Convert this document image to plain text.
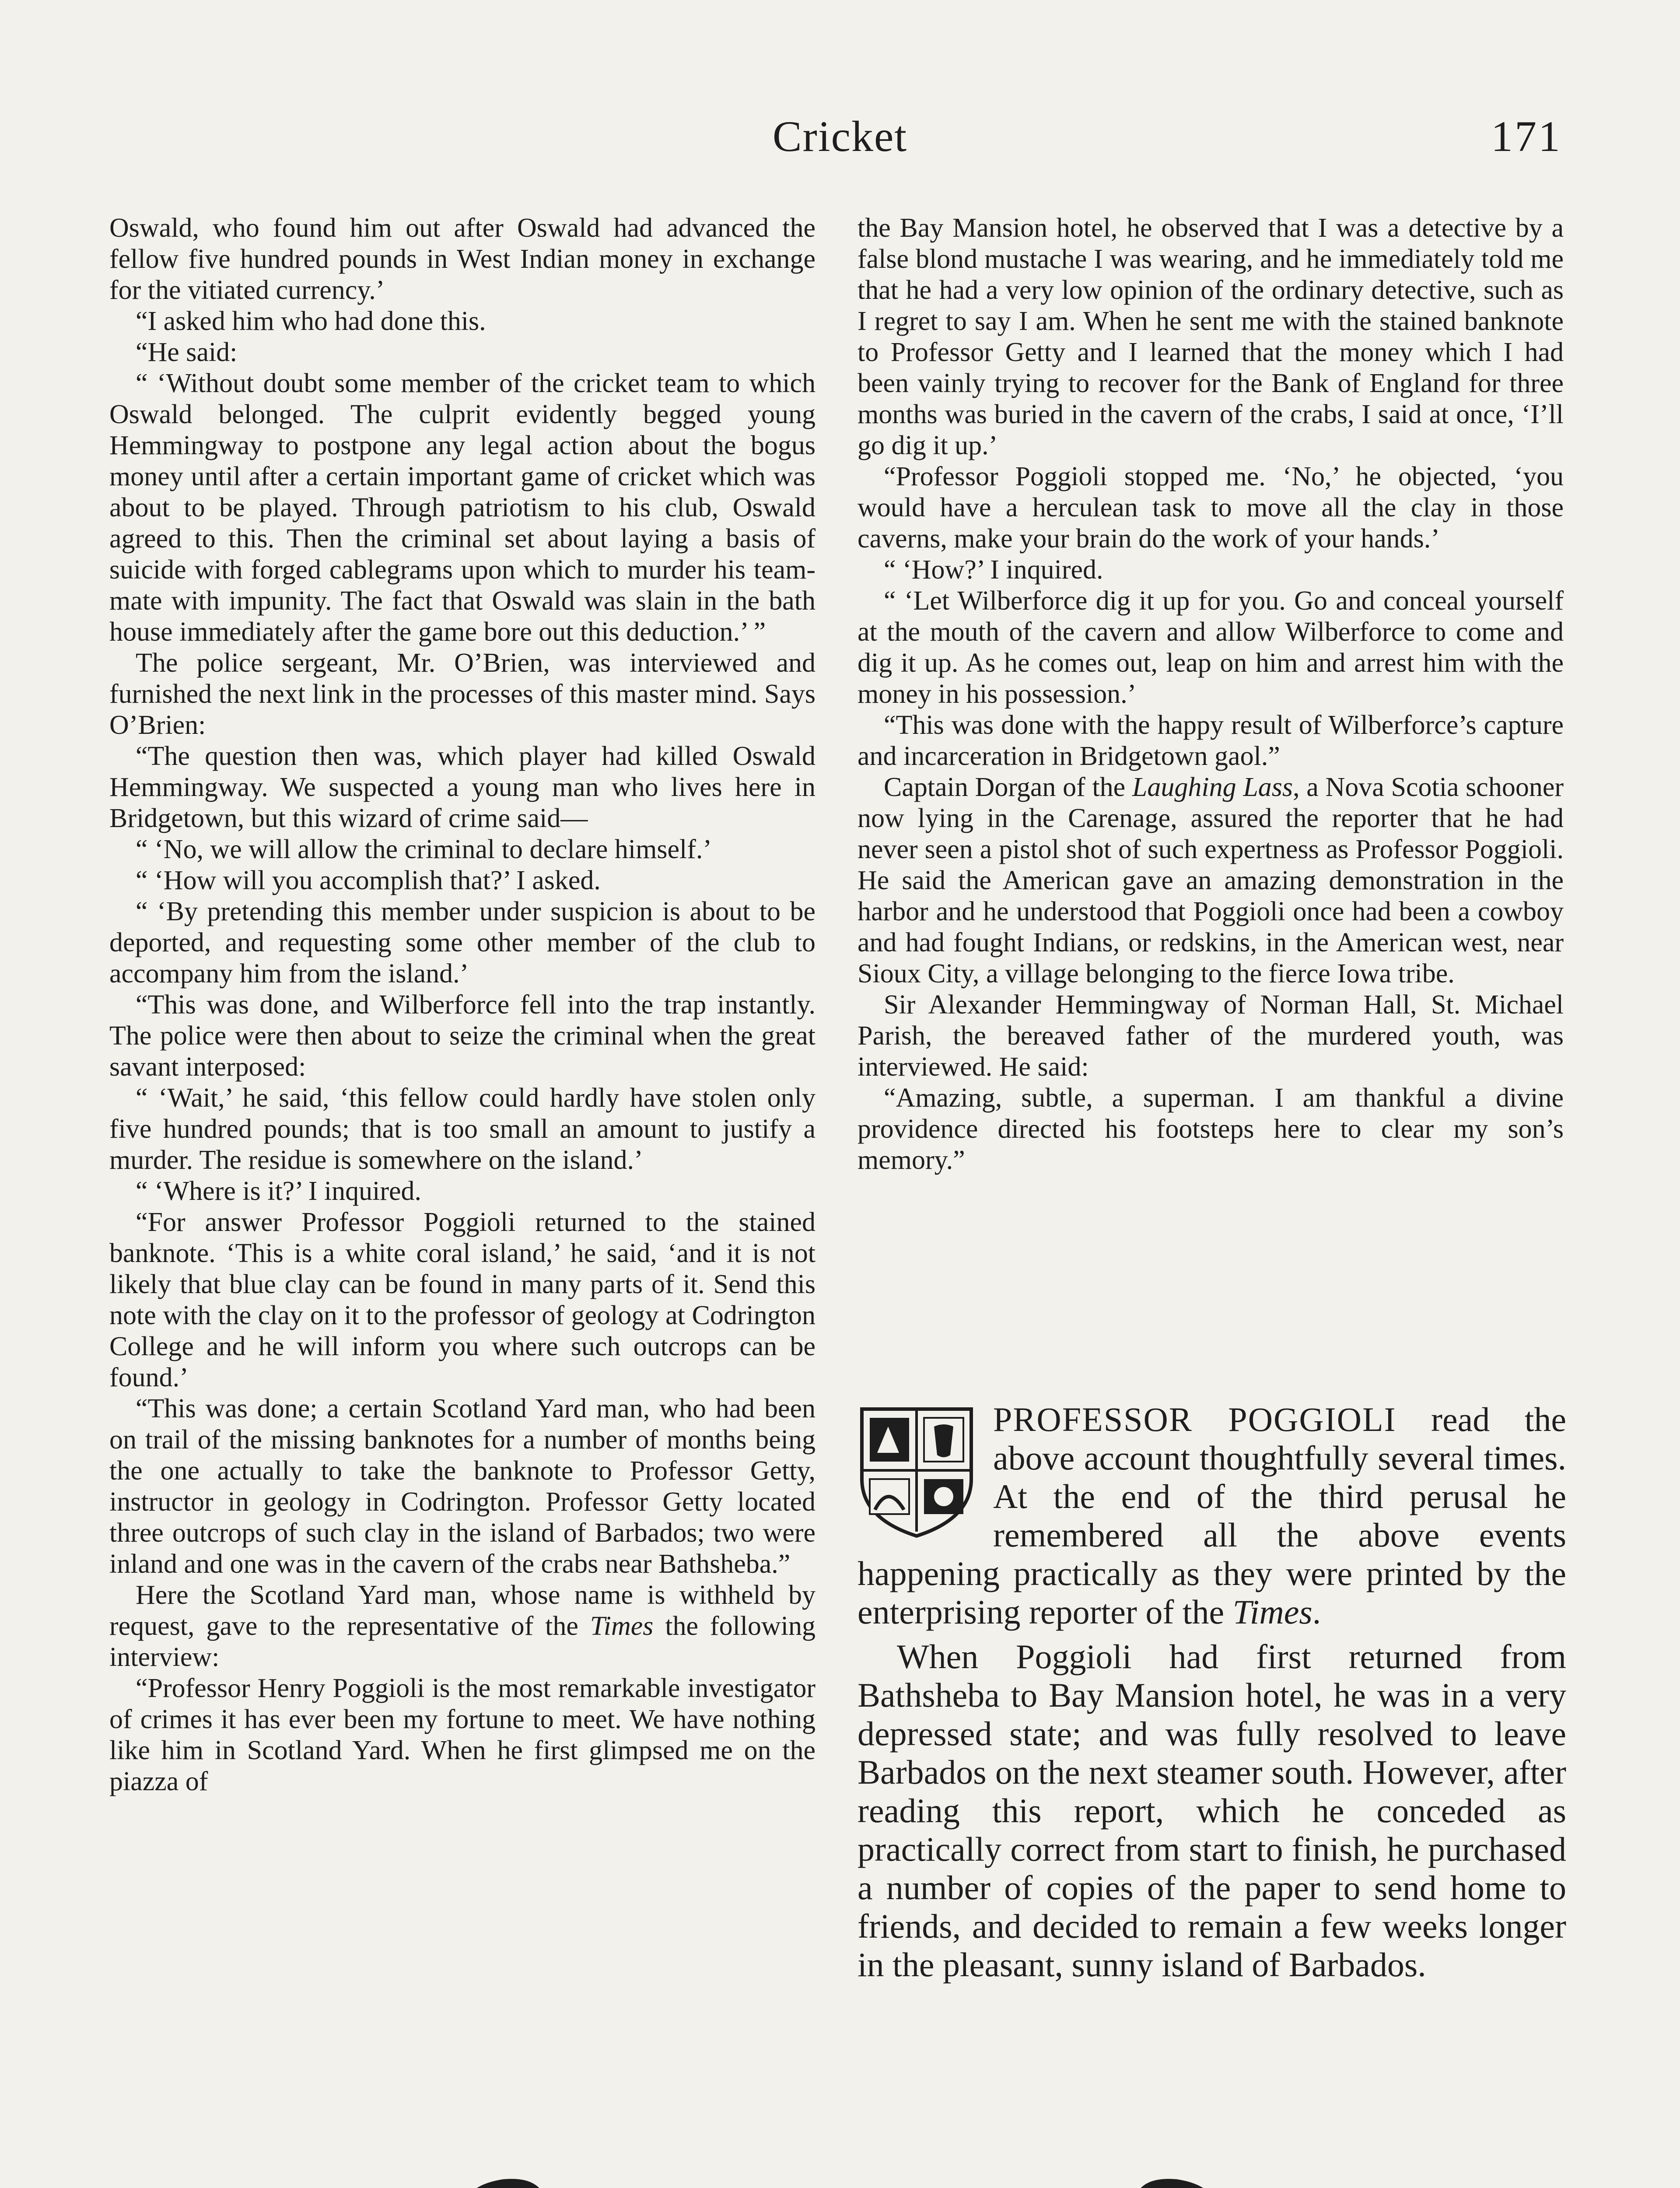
Cricket	171

Oswald, who found him out after Oswald had advanced the fellow five hundred pounds in West Indian money in exchange for the vitiated currency.’

“I asked him who had done this.

“He said:

“ ‘Without doubt some member of the cricket team to which Oswald belonged. The culprit evidently begged young Hemmingway to postpone any legal action about the bogus money until after a certain important game of cricket which was about to be played. Through patriotism to his club, Oswald agreed to this. Then the criminal set about laying a basis of suicide with forged cablegrams upon which to murder his team-mate with impunity. The fact that Oswald was slain in the bath house immediately after the game bore out this deduction.’ ”

The police sergeant, Mr. O’Brien, was interviewed and furnished the next link in the processes of this master mind. Says O’Brien:

“The question then was, which player had killed Oswald Hemmingway. We suspected a young man who lives here in Bridgetown, but this wizard of crime said—

“ ‘No, we will allow the criminal to declare himself.’

“ ‘How will you accomplish that?’ I asked.

“ ‘By pretending this member under suspicion is about to be deported, and requesting some other member of the club to accompany him from the island.’

“This was done, and Wilberforce fell into the trap instantly. The police were then about to seize the criminal when the great savant interposed:

“ ‘Wait,’ he said, ‘this fellow could hardly have stolen only five hundred pounds; that is too small an amount to justify a murder. The residue is somewhere on the island.’

“ ‘Where is it?’ I inquired.

“For answer Professor Poggioli returned to the stained banknote. ‘This is a white coral island,’ he said, ‘and it is not likely that blue clay can be found in many parts of it. Send this note with the clay on it to the professor of geology at Codrington College and he will inform you where such outcrops can be found.’

“This was done; a certain Scotland Yard man, who had been on trail of the missing banknotes for a number of months being the one actually to take the banknote to Professor Getty, instructor in geology in Codrington. Professor Getty located three outcrops of such clay in the island of Barbados; two were inland and one was in the cavern of the crabs near Bathsheba.”

Here the Scotland Yard man, whose name is withheld by request, gave to the representative of the Times the following interview:

“Professor Henry Poggioli is the most remarkable investigator of crimes it has ever been my fortune to meet. We have nothing like him in Scotland Yard. When he first glimpsed me on the piazza of

the Bay Mansion hotel, he observed that I was a detective by a false blond mustache I was wearing, and he immediately told me that he had a very low opinion of the ordinary detective, such as I regret to say I am. When he sent me with the stained banknote to Professor Getty and I learned that the money which I had been vainly trying to recover for the Bank of England for three months was buried in the cavern of the crabs, I said at once, ‘I’ll go dig it up.’

“Professor Poggioli stopped me. ‘No,’ he objected, ‘you would have a herculean task to move all the clay in those caverns, make your brain do the work of your hands.’

“ ‘How?’ I inquired.

“ ‘Let Wilberforce dig it up for you. Go and conceal yourself at the mouth of the cavern and allow Wilberforce to come and dig it up. As he comes out, leap on him and arrest him with the money in his possession.’

“This was done with the happy result of Wilberforce’s capture and incarceration in Bridgetown gaol.”

Captain Dorgan of the Laughing Lass, a Nova Scotia schooner now lying in the Carenage, assured the reporter that he had never seen a pistol shot of such expertness as Professor Poggioli. He said the American gave an amazing demonstration in the harbor and he understood that Poggioli once had been a cowboy and had fought Indians, or redskins, in the American west, near Sioux City, a village belonging to the fierce Iowa tribe.

Sir Alexander Hemmingway of Norman Hall, St. Michael Parish, the bereaved father of the murdered youth, was interviewed. He said:

“Amazing, subtle, a superman. I am thankful a divine providence directed his footsteps here to clear my son’s memory.”

PROFESSOR POGGIOLI read the above account thoughtfully several times. At the end of the third perusal he remembered all the above events happening practically as they were printed by the enterprising reporter of the Times.

When Poggioli had first returned from Bathsheba to Bay Mansion hotel, he was in a very depressed state; and was fully resolved to leave Barbados on the next steamer south. However, after reading this report, which he conceded as practically correct from start to finish, he purchased a number of copies of the paper to send home to friends, and decided to remain a few weeks longer in the pleasant, sunny island of Barbados.
